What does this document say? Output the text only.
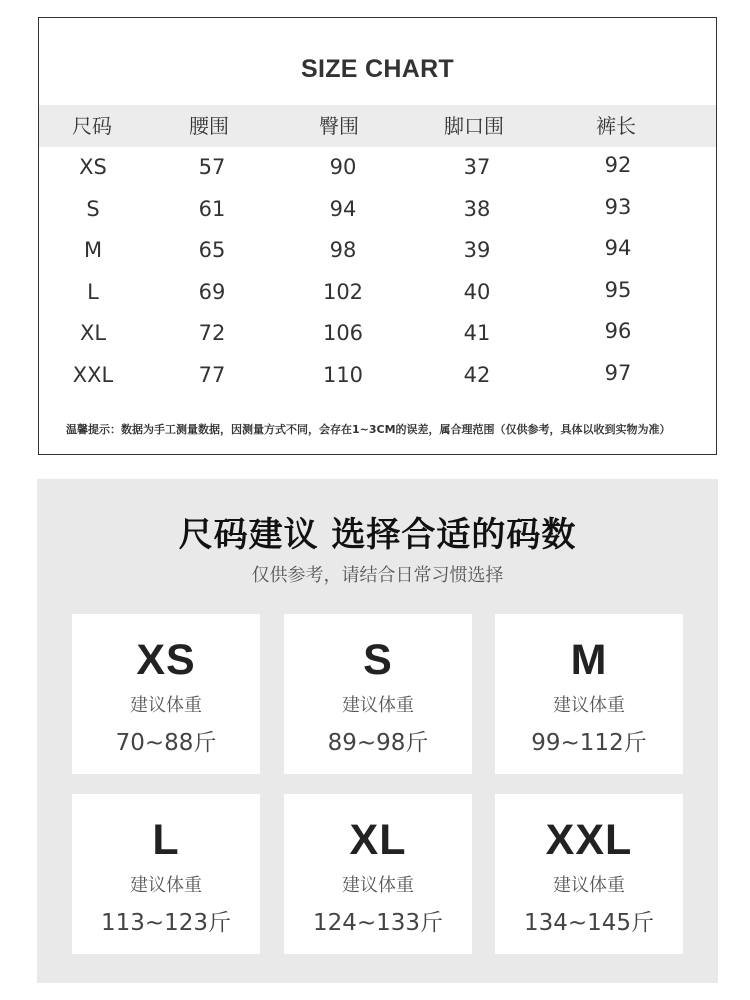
SIZE CHART
尺码	腰围	臀围	脚口围	裤长
XS	57	90	37	92
S	61	94	38	93
M	65	98	39	94
L	69	102	40	95
XL	72	106	41	96
XXL	77	110	42	97
温馨提示：数据为手工测量数据，因测量方式不同，会存在1~3CM的误差，属合理范围（仅供参考，具体以收到实物为准）
尺码建议 选择合适的码数
仅供参考，请结合日常习惯选择
XS
建议体重
70~88斤
S
建议体重
89~98斤
M
建议体重
99~112斤
L
建议体重
113~123斤
XL
建议体重
124~133斤
XXL
建议体重
134~145斤
